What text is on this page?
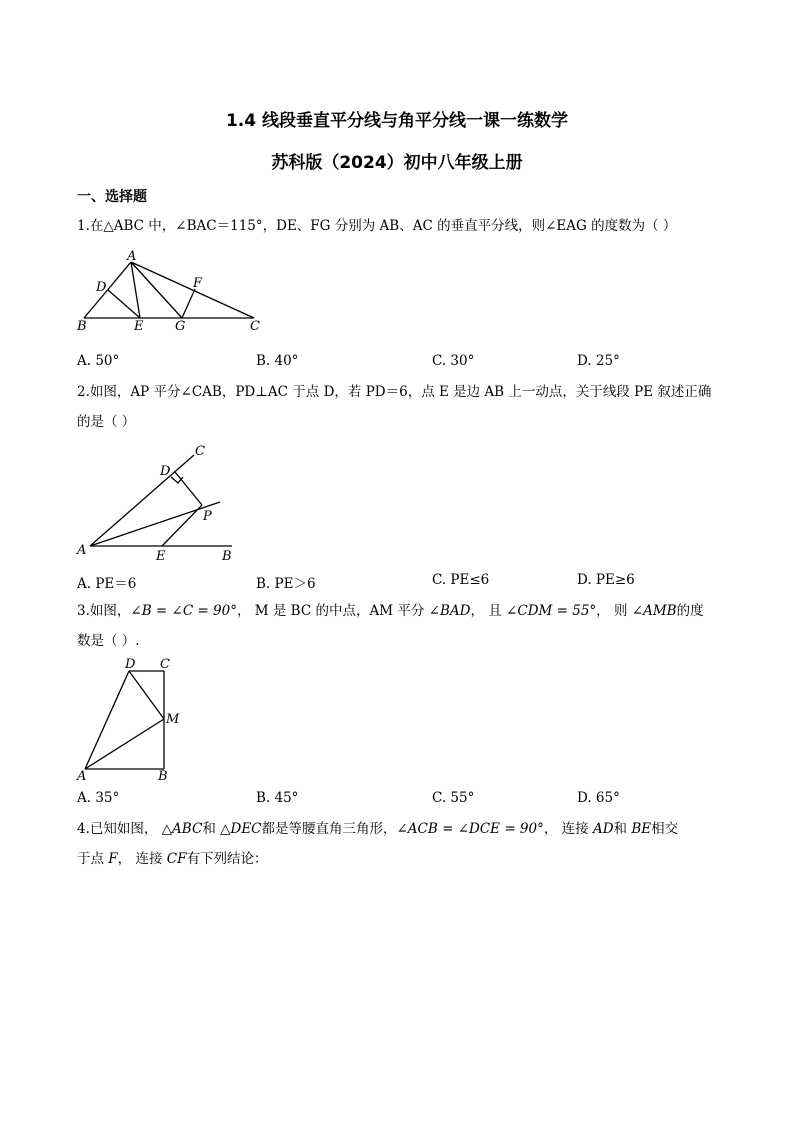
1.4 线段垂直平分线与角平分线一课一练数学
苏科版（2024）初中八年级上册
一、选择题
1.在△ABC 中，∠BAC＝115°，DE、FG 分别为 AB、AC 的垂直平分线，则∠EAG 的度数为（ ）
A
D	F
B	E G	C
A. 50°	B. 40°	C. 30°	D. 25°
2.如图，AP 平分∠CAB，PD⊥AC 于点 D，若 PD＝6，点 E 是边 AB 上一动点，关于线段 PE 叙述正确
的是（ ）
C
D
P
A	E	B
A. PE＝6	B. PE＞6	C. PE≤6	D. PE≥6
3.如图，∠B = ∠C = 90°， M 是 BC 的中点，AM 平分 ∠BAD， 且 ∠CDM = 55°， 则 ∠AMB的度
数是（ ）.
D C
M
A	B
A. 35°	B. 45°	C. 55°	D. 65°
4.已知如图， △ABC和 △DEC都是等腰直角三角形，∠ACB = ∠DCE = 90°， 连接 AD和 BE相交
于点 F， 连接 CF有下列结论：
